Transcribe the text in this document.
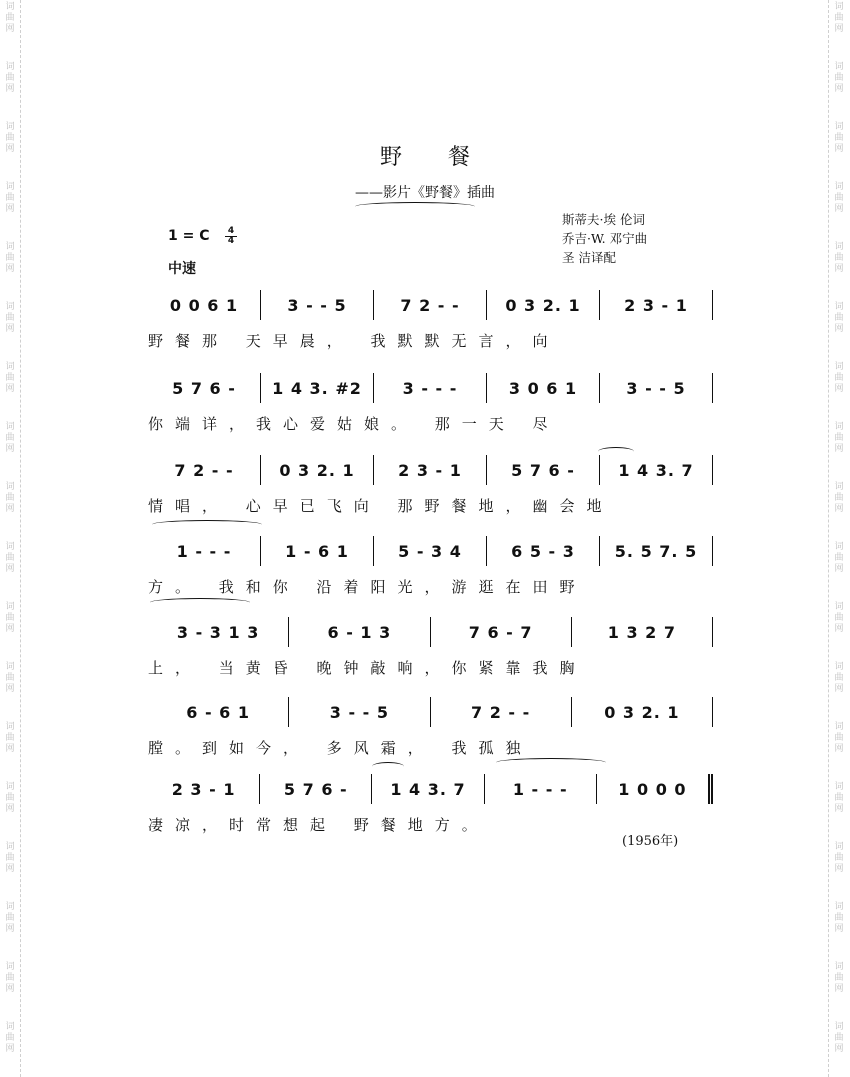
词
曲
网
词
曲
网
词
曲
网
词
曲
网
词
曲
网
词
曲
网
词
曲
网
词
曲
网
词
曲
网
词
曲
网
词
曲
网
词
曲
网
词
曲
网
词
曲
网
词
曲
网
词
曲
网
词
曲
网
词
曲
网
词
曲
网
词
曲
网
词
曲
网
词
曲
网
词
曲
网
词
曲
网
词
曲
网
词
曲
网
词
曲
网
词
曲
网
词
曲
网
词
曲
网
词
曲
网
词
曲
网
词
曲
网
词
曲
网
词
曲
网
词
曲
网
野餐
——影片《野餐》插曲
斯蒂夫·埃 伦词
乔吉·W. 邓宁曲
圣 洁译配
1 = C	4
4
中速
0 0 6 1	3 - - 5	7 2 - -	0 3 2. 1	2 3 - 1
野餐那 天早晨， 我默默无言，向
5 7 6 -	1 4 3. #2	3 - - -	3 0 6 1	3 - - 5
你端详，我心爱姑娘。 那一天 尽
7 2 - -	0 3 2. 1	2 3 - 1	5 7 6 -	1 4 3. 7
情唱， 心早已飞向 那野餐地，幽会地
1 - - -	1 - 6 1	5 - 3 4	6 5 - 3	5. 5 7. 5
方。 我和你 沿着阳光，游逛在田野
3 - 3 1 3	6 - 1 3	7 6 - 7	1 3 2 7
上， 当黄昏 晚钟敲响，你紧靠我胸
6 - 6 1	3 - - 5	7 2 - -	0 3 2. 1
膛。到如今， 多风霜， 我孤独
2 3 - 1	5 7 6 -	1 4 3. 7	1 - - -	1 0 0 0
凄凉，时常想起 野餐地方。
(1956年)
